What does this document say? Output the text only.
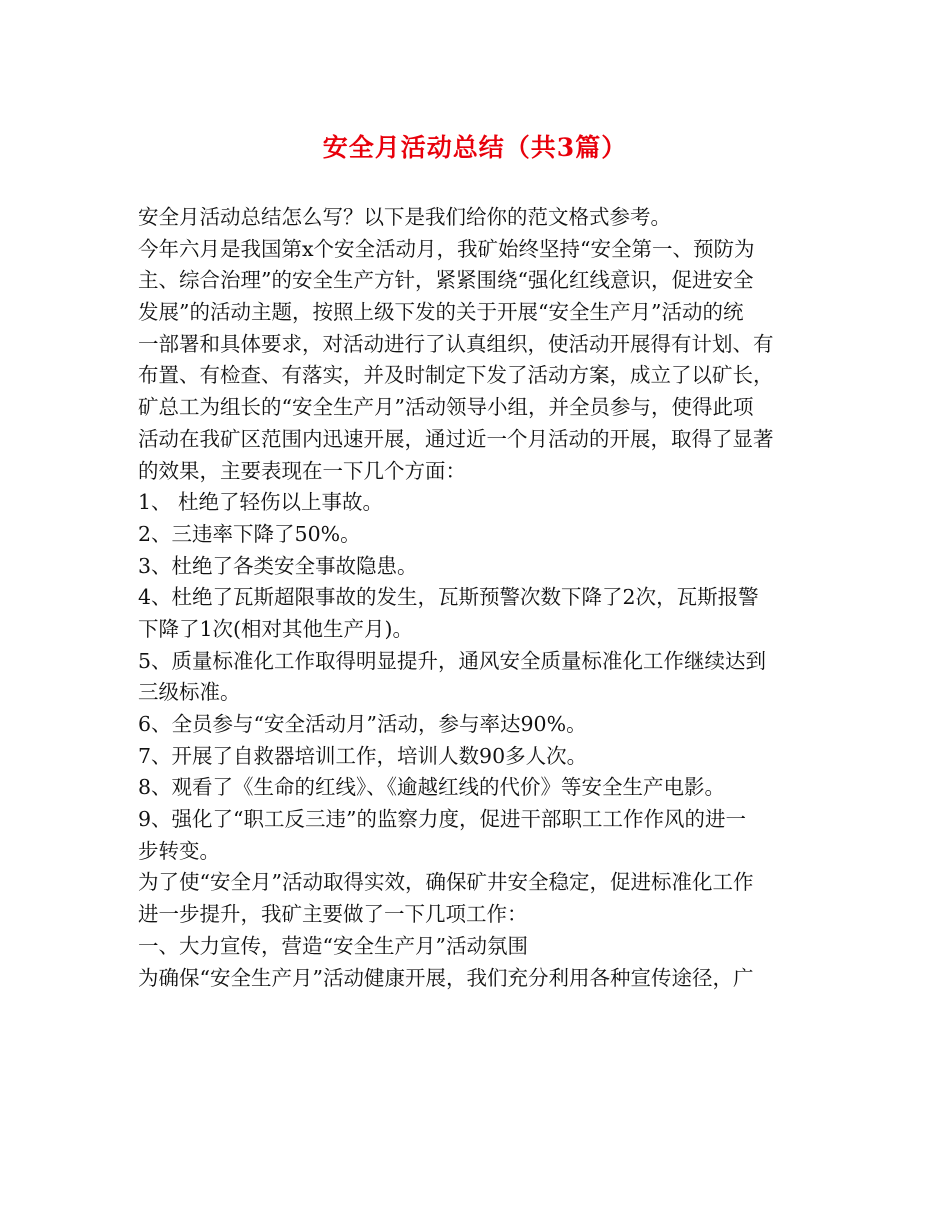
安全月活动总结（共3篇）
安全月活动总结怎么写？以下是我们给你的范文格式参考。
今年六月是我国第x个安全活动月，我矿始终坚持“安全第一、预防为
主、综合治理”的安全生产方针，紧紧围绕“强化红线意识，促进安全
发展”的活动主题，按照上级下发的关于开展“安全生产月”活动的统
一部署和具体要求，对活动进行了认真组织，使活动开展得有计划、有
布置、有检查、有落实，并及时制定下发了活动方案，成立了以矿长，
矿总工为组长的“安全生产月”活动领导小组，并全员参与，使得此项
活动在我矿区范围内迅速开展，通过近一个月活动的开展，取得了显著
的效果，主要表现在一下几个方面：
1、 杜绝了轻伤以上事故。
2、三违率下降了50%。
3、杜绝了各类安全事故隐患。
4、杜绝了瓦斯超限事故的发生，瓦斯预警次数下降了2次，瓦斯报警
下降了1次(相对其他生产月)。
5、质量标准化工作取得明显提升，通风安全质量标准化工作继续达到
三级标准。
6、全员参与“安全活动月”活动，参与率达90%。
7、开展了自救器培训工作，培训人数90多人次。
8、观看了《生命的红线》、《逾越红线的代价》等安全生产电影。
9、强化了“职工反三违”的监察力度，促进干部职工工作作风的进一
步转变。
为了使“安全月”活动取得实效，确保矿井安全稳定，促进标准化工作
进一步提升，我矿主要做了一下几项工作：
一、大力宣传，营造“安全生产月”活动氛围
为确保“安全生产月”活动健康开展，我们充分利用各种宣传途径，广
